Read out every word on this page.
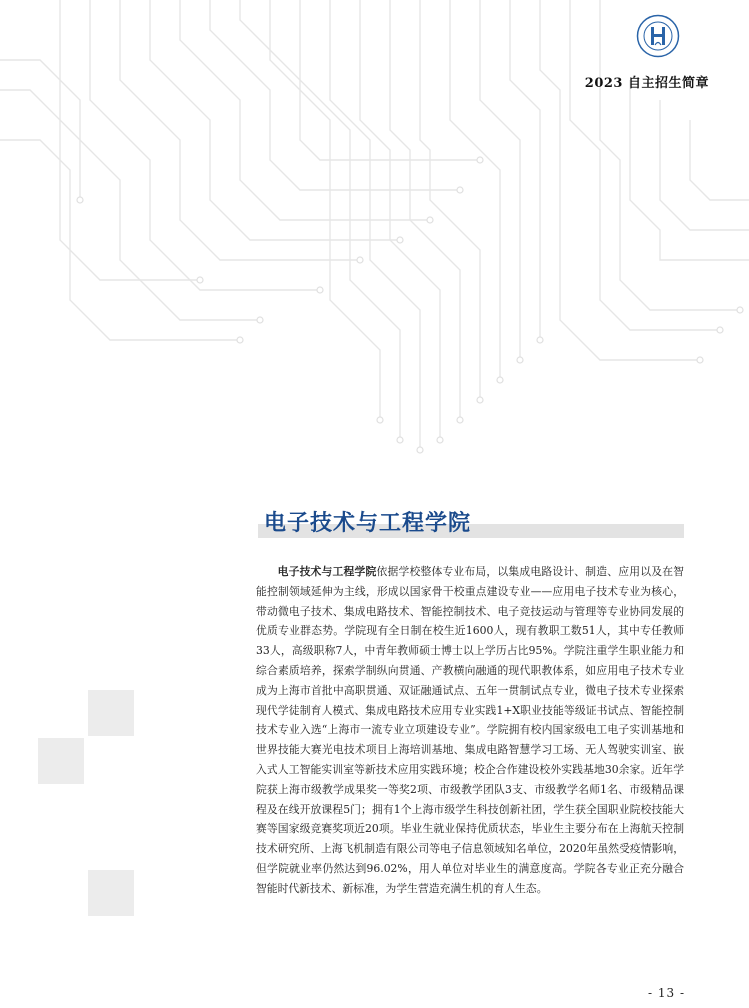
2023 自主招生简章
电子技术与工程学院

电子技术与工程学院依据学校整体专业布局，以集成电路设计、制造、应用以及在智能控制领域延伸为主线，形成以国家骨干校重点建设专业——应用电子技术专业为核心，带动微电子技术、集成电路技术、智能控制技术、电子竞技运动与管理等专业协同发展的优质专业群态势。学院现有全日制在校生近1600人，现有教职工数51人，其中专任教师33人，高级职称7人，中青年教师硕士博士以上学历占比95%。学院注重学生职业能力和综合素质培养，探索学制纵向贯通、产教横向融通的现代职教体系，如应用电子技术专业成为上海市首批中高职贯通、双证融通试点、五年一贯制试点专业，微电子技术专业探索现代学徒制育人模式、集成电路技术应用专业实践1+X职业技能等级证书试点、智能控制技术专业入选“上海市一流专业立项建设专业”。学院拥有校内国家级电工电子实训基地和世界技能大赛光电技术项目上海培训基地、集成电路智慧学习工场、无人驾驶实训室、嵌入式人工智能实训室等新技术应用实践环境；校企合作建设校外实践基地30余家。近年学院获上海市级教学成果奖一等奖2项、市级教学团队3支、市级教学名师1名、市级精品课程及在线开放课程5门；拥有1个上海市级学生科技创新社团，学生获全国职业院校技能大赛等国家级竞赛奖项近20项。毕业生就业保持优质状态，毕业生主要分布在上海航天控制技术研究所、上海飞机制造有限公司等电子信息领域知名单位，2020年虽然受疫情影响，但学院就业率仍然达到96.02%，用人单位对毕业生的满意度高。学院各专业正充分融合智能时代新技术、新标准，为学生营造充满生机的育人生态。

- 13 -
